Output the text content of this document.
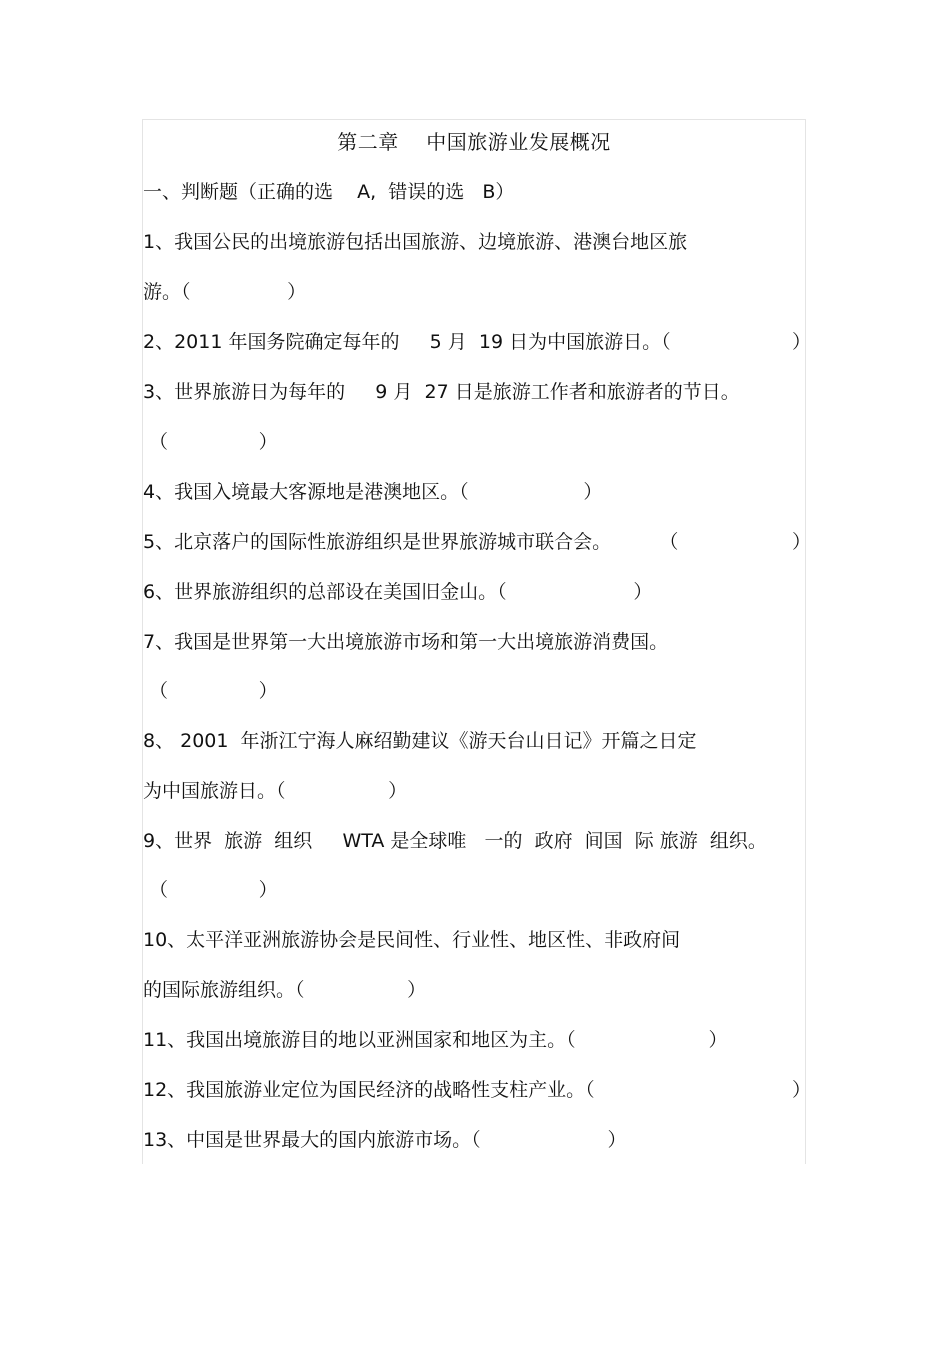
第二章    中国旅游业发展概况
一、判断题（正确的选    A,  错误的选   B）
1、我国公民的出境旅游包括出国旅游、边境旅游、港澳台地区旅
游。（                ）
2、2011 年国务院确定每年的     5 月  19 日为中国旅游日。（	）
3、世界旅游日为每年的     9 月  27 日是旅游工作者和旅游者的节日。
（               ）
4、我国入境最大客源地是港澳地区。（                   ）
5、北京落户的国际性旅游组织是世界旅游城市联合会。        （	）
6、世界旅游组织的总部设在美国旧金山。（                     ）
7、我国是世界第一大出境旅游市场和第一大出境旅游消费国。
（               ）
8、 2001  年浙江宁海人麻绍勤建议《游天台山日记》开篇之日定
为中国旅游日。（                 ）
9、世界  旅游  组织     WTA 是全球唯   一的  政府  间国  际 旅游  组织。
（               ）
10、太平洋亚洲旅游协会是民间性、行业性、地区性、非政府间
的国际旅游组织。（                 ）
11、我国出境旅游目的地以亚洲国家和地区为主。（                      ）
12、我国旅游业定位为国民经济的战略性支柱产业。（	）
13、中国是世界最大的国内旅游市场。（                     ）
